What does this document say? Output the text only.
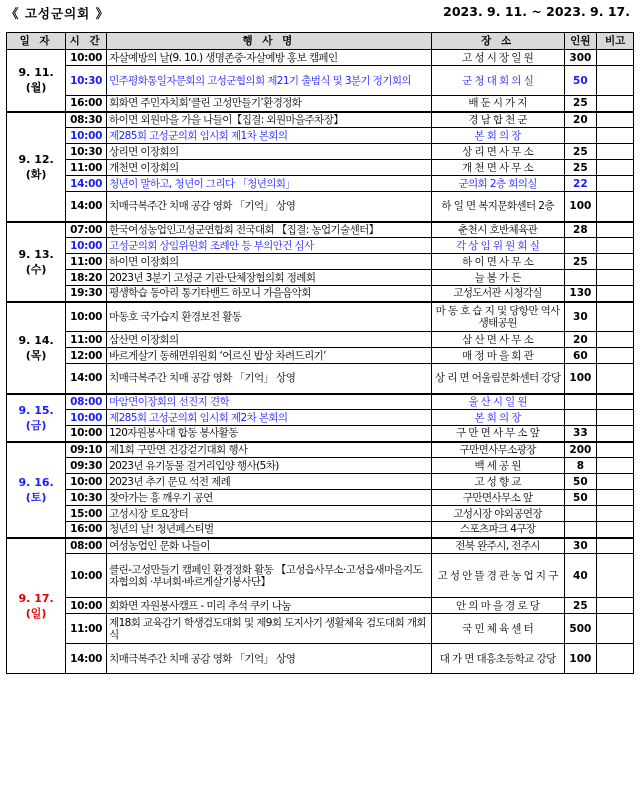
《 고성군의회 》	2023. 9. 11. ~ 2023. 9. 17.
일 자	시 간	행 사 명	장 소	인원	비고

9. 11.
(월)	10:00	자살예방의 날(9. 10.) 생명존중·자살예방 홍보 캠페인	고 성 시 장 일 원	300	
	10:30	민주평화통일자문회의 고성군협의회 제21기 출범식 및 3분기 정기회의	군 청 대 회 의 실	50	
	16:00	회화면 주민자치회‘클린 고성만들기’환경정화	배 둔 시 가 지	25	

9. 12.
(화)	08:30	하이면 외원마을 가을 나들이【집결: 외원마을주차장】	경 남 합 천 군	20	
	10:00	제285회 고성군의회 임시회 제1차 본회의	본 회 의 장		
	10:30	상리면 이장회의	상 리 면 사 무 소	25	
	11:00	개천면 이장회의	개 천 면 사 무 소	25	
	14:00	청년이 말하고, 청년이 그리다 「청년의회」	군의회 2층 회의실	22	
	14:00	치매극복주간 치매 공감 영화 「기억」 상영	하 일 면 복지문화센터 2층	100	

9. 13.
(수)	07:00	한국여성농업인고성군연합회 전국대회 【집결: 농업기술센터】	춘천시 호반체육관	28	
	10:00	고성군의회 상임위원회 조례안 등 부의안건 심사	각 상 임 위 원 회 실		
	11:00	하이면 이장회의	하 이 면 사 무 소	25	
	18:20	2023년 3분기 고성군 기관·단체장협의회 정례회	늘 봄 가 든		
	19:30	평생학습 동아리 통기타밴드 하모니 가을음악회	고성도서관 시청각실	130	

9. 14.
(목)	10:00	마동호 국가습지 환경보전 활동	마 동 호 습 지 및 당항만 역사생태공원	30	
	11:00	삼산면 이장회의	삼 산 면 사 무 소	20	
	12:00	바르게살기 동해면위원회 ‘어르신 밥상 차려드리기’	매 정 마 을 회 관	60	
	14:00	치매극복주간 치매 공감 영화 「기억」 상영	상 리 면 어울림문화센터 강당	100	

9. 15.
(금)	08:00	마암면이장회의 선진지 견학	울 산 시 일 원		
	10:00	제285회 고성군의회 임시회 제2차 본회의	본 회 의 장		
	10:00	120자원봉사대 합동 봉사활동	구 만 면 사 무 소 앞	33	

9. 16.
(토)	09:10	제1회 구만면 건강걷기대회 행사	구만면사무소광장	200	
	09:30	2023년 유기동물 걸거리입양 행사(5차)	백 세 공 원	8	
	10:00	2023년 추기 문묘 석전 제례	고 성 향 교	50	
	10:30	찾아가는 흥 깨우기 공연	구만면사무소 앞	50	
	15:00	고성시장 토요장터	고성시장 야외공연장		
	16:00	청년의 날! 청년페스티벌	스포츠파크 4구장		

9. 17.
(일)	08:00	여성농업인 문화 나들이	전북 완주시, 전주시	30	
	10:00	클린-고성만들기 캠페인 환경정화 활동 【고성읍사무소·고성읍새마을지도자협의회 ·부녀회·바르게살기봉사단】	고 성 안 뜰 경 관 농 업 지 구	40	
	10:00	회화면 자원봉사캠프 - 미리 추석 쿠키 나눔	안 의 마 을 경 로 당	25	
	11:00	제18회 교육감기 학생검도대회 및 제9회 도지사기 생활체육 검도대회 개회식	국 민 체 육 센 터	500	
	14:00	치매극복주간 치매 공감 영화 「기억」 상영	대 가 면 대흥초등학교 강당	100	
